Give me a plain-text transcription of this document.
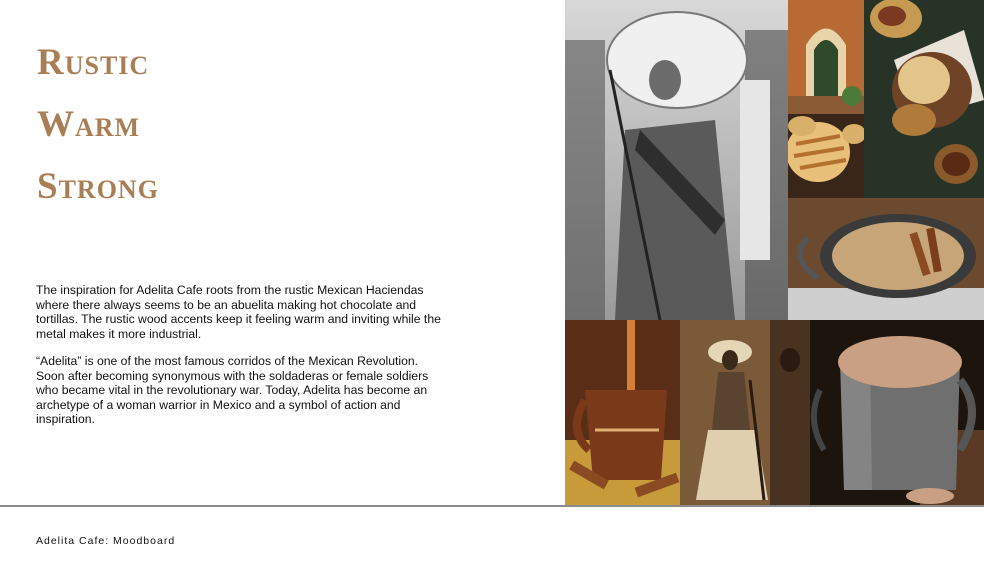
Rustic
Warm
Strong

The inspiration for Adelita Cafe roots from the rustic Mexican Haciendas where there always seems to be an abuelita making hot chocolate and tortillas. The rustic wood accents keep it feeling warm and inviting while the metal makes it more industrial.

“Adelita” is one of the most famous corridos of the Mexican Revolution. Soon after becoming synonymous with the soldaderas or female soldiers who became vital in the revolutionary war. Today, Adelita has become an archetype of a woman warrior in Mexico and a symbol of action and inspiration.

Adelita Cafe: Moodboard
